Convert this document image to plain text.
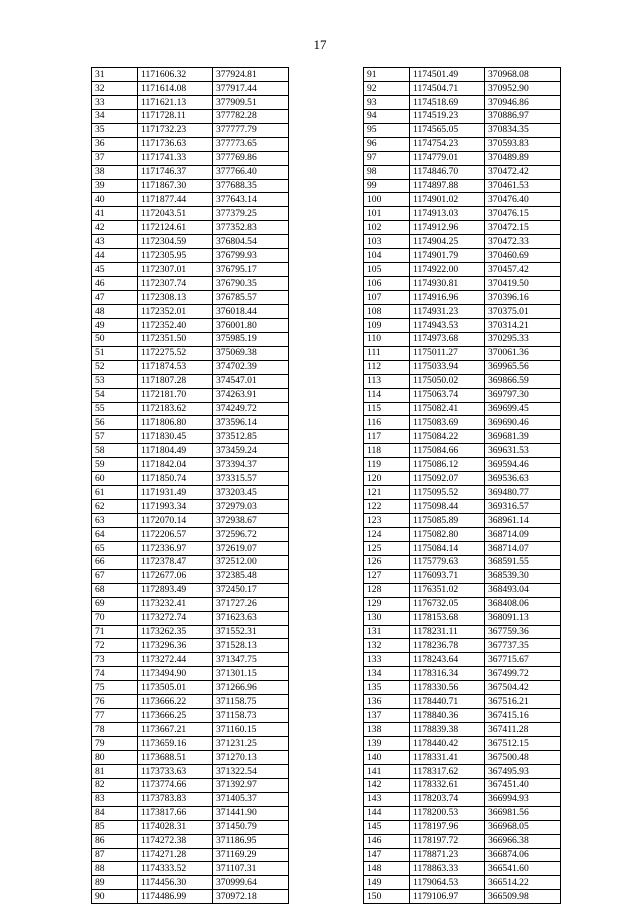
17
31	1171606.32	377924.81
32	1171614.08	377917.44
33	1171621.13	377909.51
34	1171728.11	377782.28
35	1171732.23	377777.79
36	1171736.63	377773.65
37	1171741.33	377769.86
38	1171746.37	377766.40
39	1171867.30	377688.35
40	1171877.44	377643.14
41	1172043.51	377379.25
42	1172124.61	377352.83
43	1172304.59	376804.54
44	1172305.95	376799.93
45	1172307.01	376795.17
46	1172307.74	376790.35
47	1172308.13	376785.57
48	1172352.01	376018.44
49	1172352.40	376001.80
50	1172351.50	375985.19
51	1172275.52	375069.38
52	1171874.53	374702.39
53	1171807.28	374547.01
54	1172181.70	374263.91
55	1172183.62	374249.72
56	1171806.80	373596.14
57	1171830.45	373512.85
58	1171804.49	373459.24
59	1171842.04	373394.37
60	1171850.74	373315.57
61	1171931.49	373203.45
62	1171993.34	372979.03
63	1172070.14	372938.67
64	1172206.57	372596.72
65	1172336.97	372619.07
66	1172378.47	372512.00
67	1172677.06	372385.48
68	1172893.49	372450.17
69	1173232.41	371727.26
70	1173272.74	371623.63
71	1173262.35	371552.31
72	1173296.36	371528.13
73	1173272.44	371347.75
74	1173494.90	371301.15
75	1173505.01	371266.96
76	1173666.22	371158.75
77	1173666.25	371158.73
78	1173667.21	371160.15
79	1173659.16	371231.25
80	1173688.51	371270.13
81	1173733.63	371322.54
82	1173774.66	371392.97
83	1173783.83	371405.37
84	1173817.66	371441.90
85	1174028.31	371450.79
86	1174272.38	371186.95
87	1174271.28	371169.29
88	1174333.52	371107.31
89	1174456.30	370999.64
90	1174486.99	370972.18
91	1174501.49	370968.08
92	1174504.71	370952.90
93	1174518.69	370946.86
94	1174519.23	370886.97
95	1174565.05	370834.35
96	1174754.23	370593.83
97	1174779.01	370489.89
98	1174846.70	370472.42
99	1174897.88	370461.53
100	1174901.02	370476.40
101	1174913.03	370476.15
102	1174912.96	370472.15
103	1174904.25	370472.33
104	1174901.79	370460.69
105	1174922.00	370457.42
106	1174930.81	370419.50
107	1174916.96	370396.16
108	1174931.23	370375.01
109	1174943.53	370314.21
110	1174973.68	370295.33
111	1175011.27	370061.36
112	1175033.94	369965.56
113	1175050.02	369866.59
114	1175063.74	369797.30
115	1175082.41	369699.45
116	1175083.69	369690.46
117	1175084.22	369681.39
118	1175084.66	369631.53
119	1175086.12	369594.46
120	1175092.07	369536.63
121	1175095.52	369480.77
122	1175098.44	369316.57
123	1175085.89	368961.14
124	1175082.80	368714.09
125	1175084.14	368714.07
126	1175779.63	368591.55
127	1176093.71	368539.30
128	1176351.02	368493.04
129	1176732.05	368408.06
130	1178153.68	368091.13
131	1178231.11	367759.36
132	1178236.78	367737.35
133	1178243.64	367715.67
134	1178316.34	367499.72
135	1178330.56	367504.42
136	1178440.71	367516.21
137	1178840.36	367415.16
138	1178839.38	367411.28
139	1178440.42	367512.15
140	1178331.41	367500.48
141	1178317.62	367495.93
142	1178332.61	367451.40
143	1178203.74	366994.93
144	1178200.53	366981.56
145	1178197.96	366968.05
146	1178197.72	366966.38
147	1178871.23	366874.06
148	1178863.33	366541.60
149	1179064.53	366514.22
150	1179106.97	366509.98
